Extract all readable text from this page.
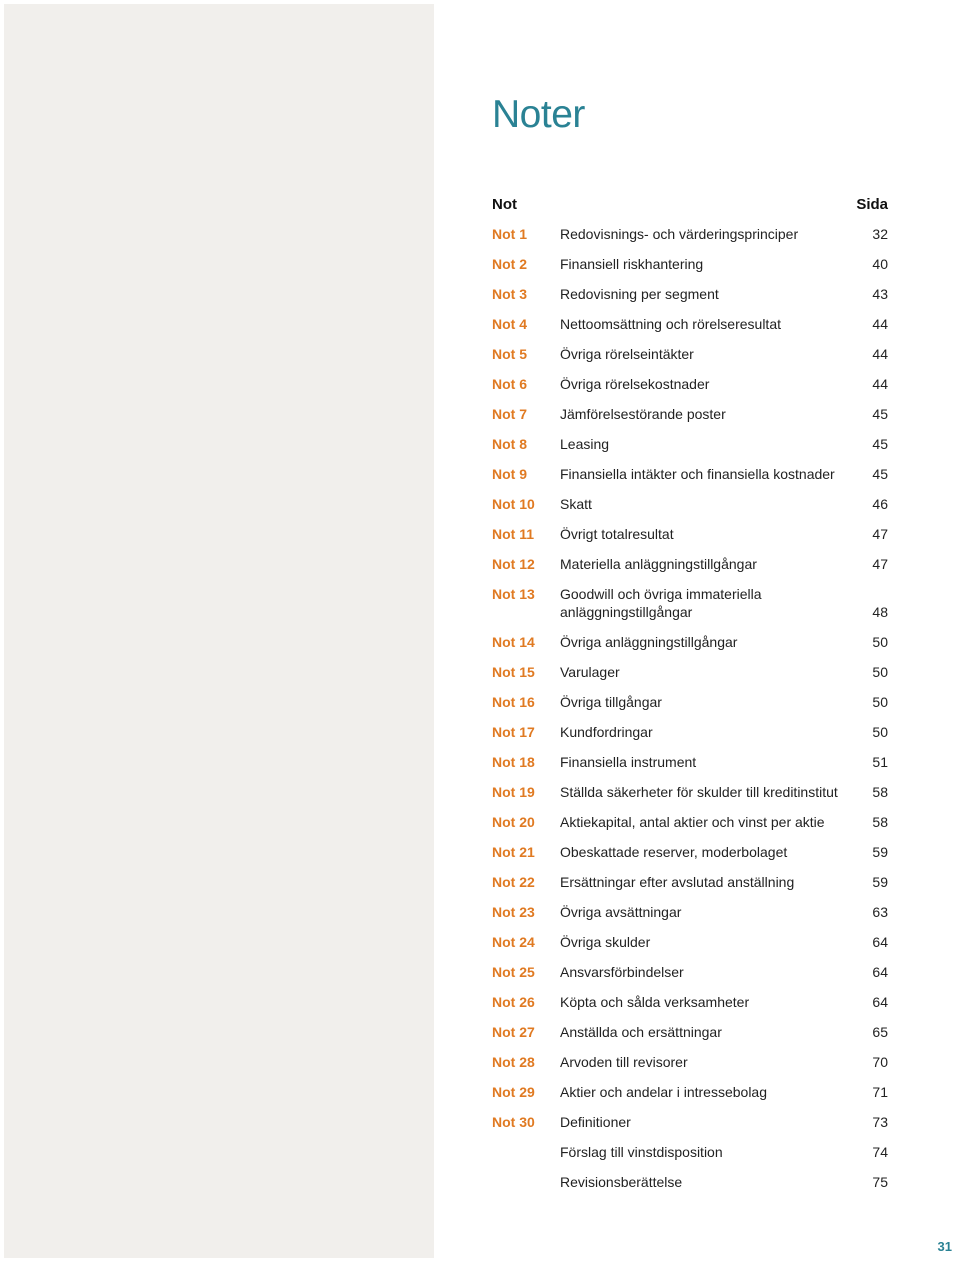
Noter
Not	Sida
Not 1 Redovisnings- och värderingsprinciper	32
Not 2 Finansiell riskhantering	40
Not 3 Redovisning per segment	43
Not 4 Nettoomsättning och rörelseresultat	44
Not 5 Övriga rörelseintäkter	44
Not 6 Övriga rörelsekostnader	44
Not 7 Jämförelsestörande poster	45
Not 8 Leasing	45
Not 9 Finansiella intäkter och finansiella kostnader	45
Not 10 Skatt	46
Not 11 Övrigt totalresultat	47
Not 12 Materiella anläggningstillgångar	47
Not 13 Goodwill och övriga immateriella anläggningstillgångar	48
Not 14 Övriga anläggningstillgångar	50
Not 15 Varulager	50
Not 16 Övriga tillgångar	50
Not 17 Kundfordringar	50
Not 18 Finansiella instrument	51
Not 19 Ställda säkerheter för skulder till kreditinstitut	58
Not 20 Aktiekapital, antal aktier och vinst per aktie	58
Not 21 Obeskattade reserver, moderbolaget	59
Not 22 Ersättningar efter avslutad anställning	59
Not 23 Övriga avsättningar	63
Not 24 Övriga skulder	64
Not 25 Ansvarsförbindelser	64
Not 26 Köpta och sålda verksamheter	64
Not 27 Anställda och ersättningar	65
Not 28 Arvoden till revisorer	70
Not 29 Aktier och andelar i intressebolag	71
Not 30 Definitioner	73
Förslag till vinstdisposition	74
Revisionsberättelse	75
31
